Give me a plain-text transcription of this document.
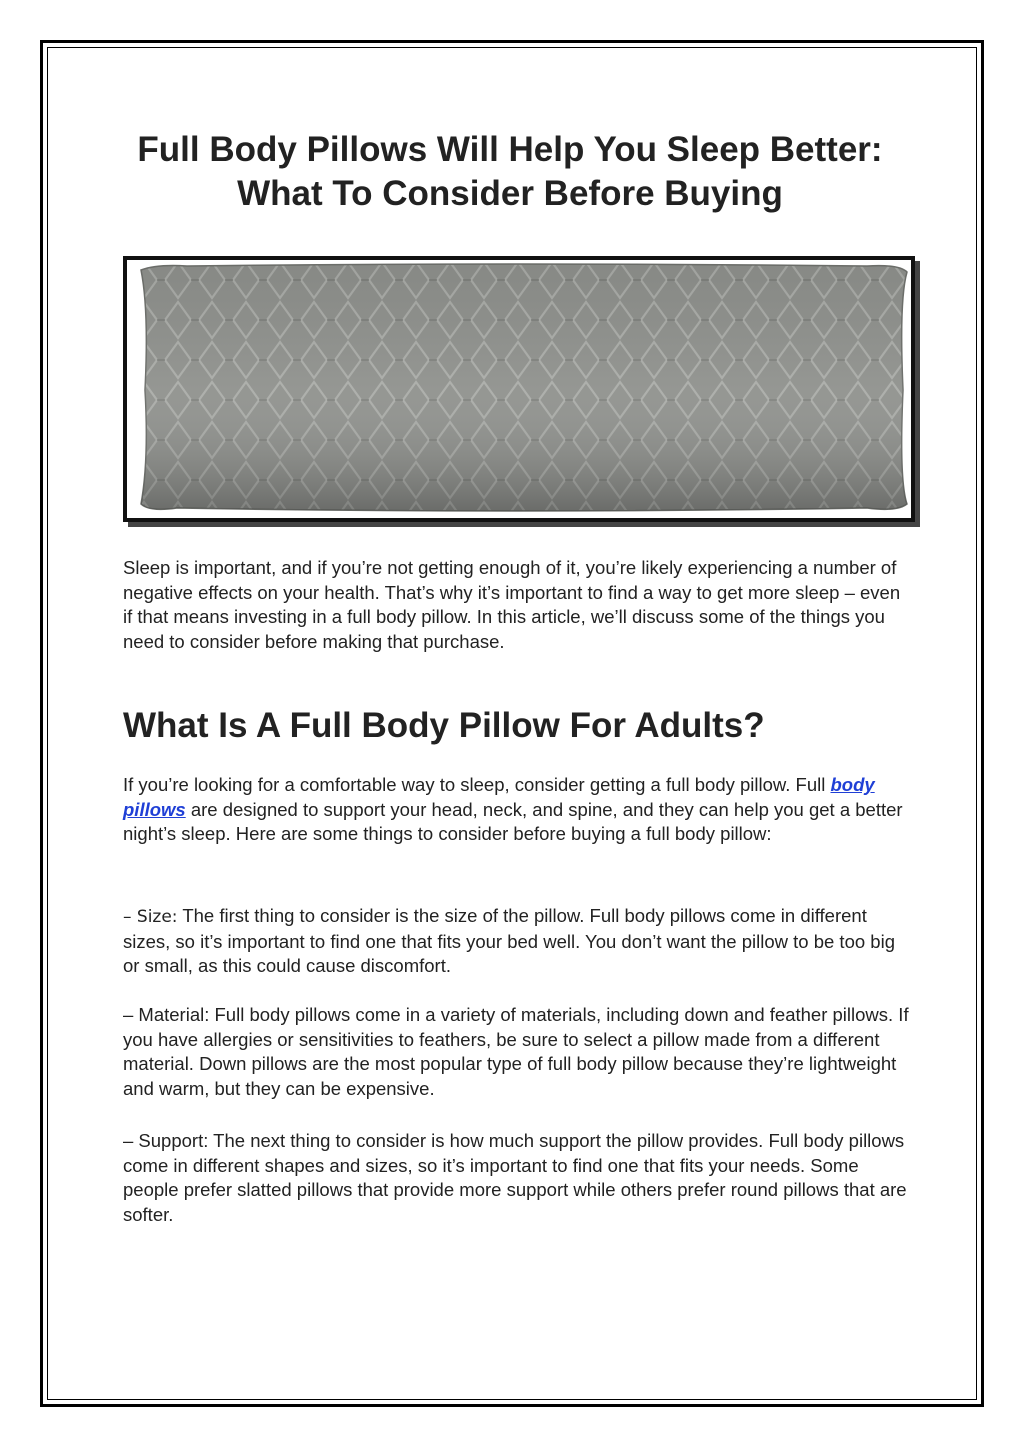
Full Body Pillows Will Help You Sleep Better: What To Consider Before Buying

Sleep is important, and if you’re not getting enough of it, you’re likely experiencing a number of negative effects on your health. That’s why it’s important to find a way to get more sleep – even if that means investing in a full body pillow. In this article, we’ll discuss some of the things you need to consider before making that purchase.

What Is A Full Body Pillow For Adults?

If you’re looking for a comfortable way to sleep, consider getting a full body pillow. Full body pillows are designed to support your head, neck, and spine, and they can help you get a better night’s sleep. Here are some things to consider before buying a full body pillow:

– Size: The first thing to consider is the size of the pillow. Full body pillows come in different sizes, so it’s important to find one that fits your bed well. You don’t want the pillow to be too big or small, as this could cause discomfort.

– Material: Full body pillows come in a variety of materials, including down and feather pillows. If you have allergies or sensitivities to feathers, be sure to select a pillow made from a different material. Down pillows are the most popular type of full body pillow because they’re lightweight and warm, but they can be expensive.

– Support: The next thing to consider is how much support the pillow provides. Full body pillows come in different shapes and sizes, so it’s important to find one that fits your needs. Some people prefer slatted pillows that provide more support while others prefer round pillows that are softer.
